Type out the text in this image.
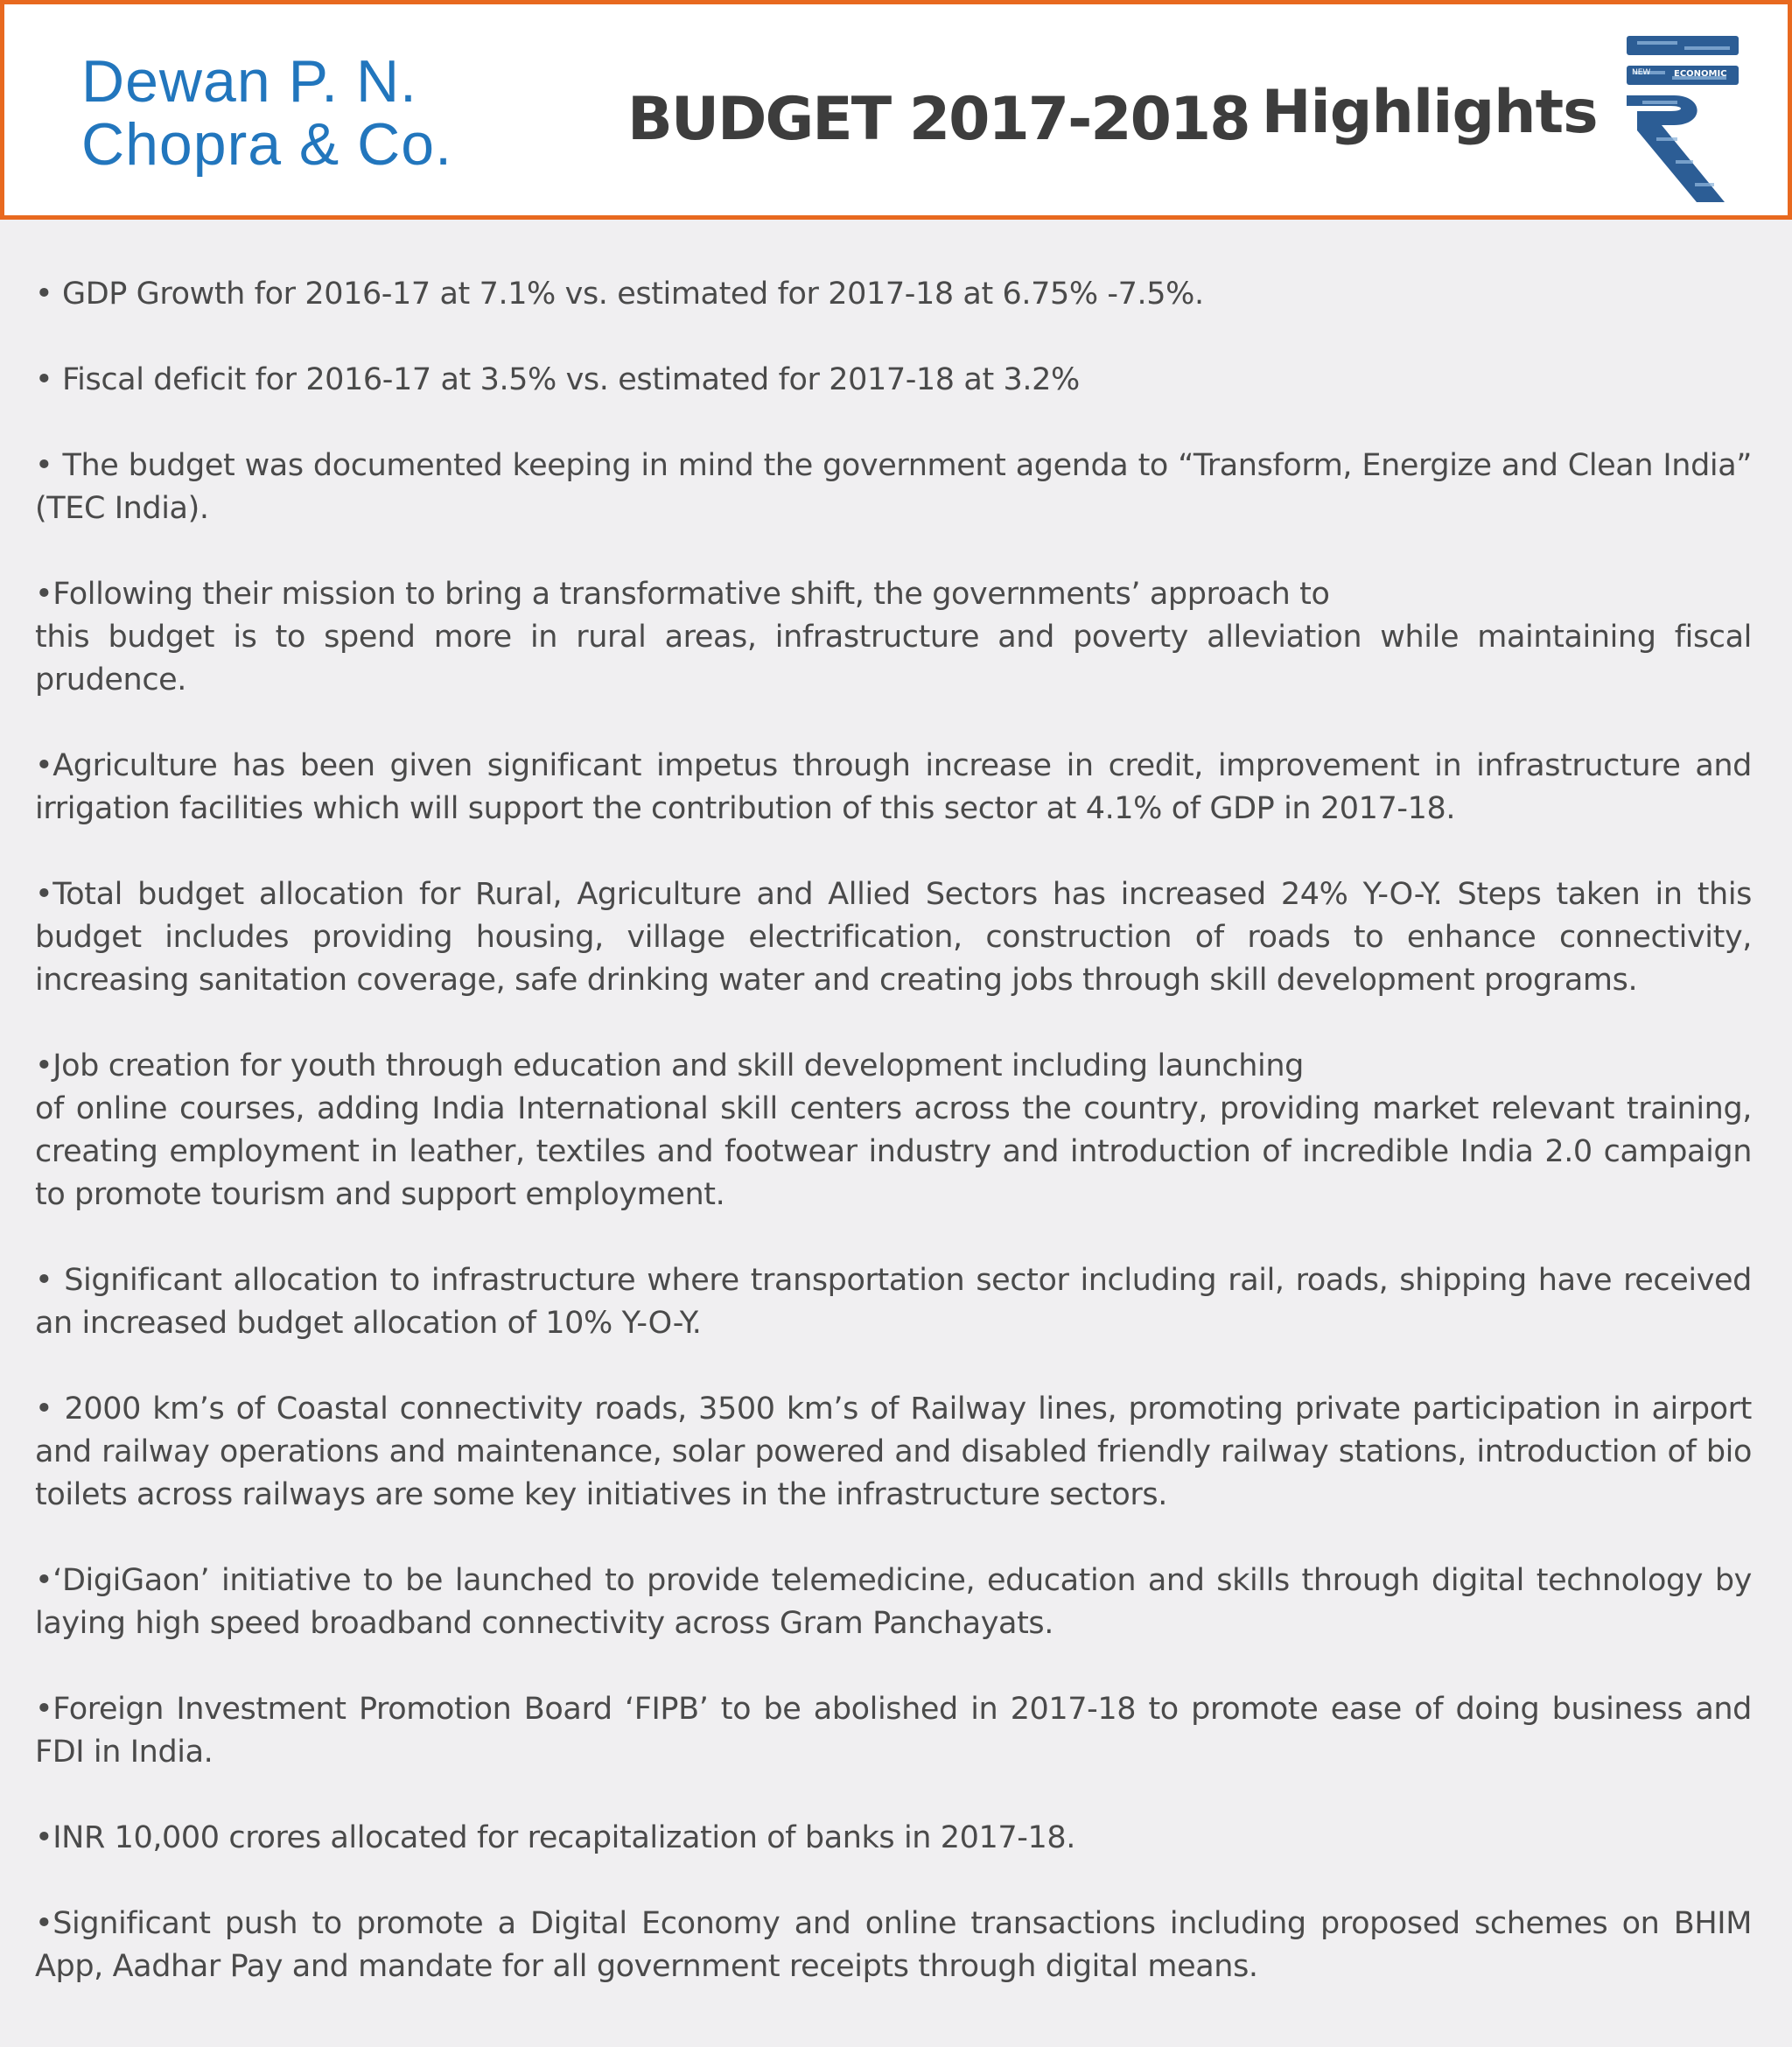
Dewan P. N.
Chopra & Co.	BUDGET 2017-2018 Highlights
NEW	ECONOMIC

• GDP Growth for 2016-17 at 7.1% vs. estimated for 2017-18 at 6.75% -7.5%.

• Fiscal deficit for 2016-17 at 3.5% vs. estimated for 2017-18 at 3.2%

• The budget was documented keeping in mind the government agenda to “Transform, Energize and Clean India” (TEC India).

•Following their mission to bring a transformative shift, the governments’ approach to
this budget is to spend more in rural areas, infrastructure and poverty alleviation while maintaining fiscal prudence.

•Agriculture has been given significant impetus through increase in credit, improvement in infrastructure and irrigation facilities which will support the contribution of this sector at 4.1% of GDP in 2017-18.

•Total budget allocation for Rural, Agriculture and Allied Sectors has increased 24% Y-O-Y. Steps taken in this budget includes providing housing, village electrification, construction of roads to enhance connectivity, increasing sanitation coverage, safe drinking water and creating jobs through skill development programs.

•Job creation for youth through education and skill development including launching
of online courses, adding India International skill centers across the country, providing market relevant training, creating employment in leather, textiles and footwear industry and introduction of incredible India 2.0 campaign to promote tourism and support employment.

• Significant allocation to infrastructure where transportation sector including rail, roads, shipping have received an increased budget allocation of 10% Y-O-Y.

• 2000 km’s of Coastal connectivity roads, 3500 km’s of Railway lines, promoting private participation in airport and railway operations and maintenance, solar powered and disabled friendly railway stations, introduction of bio toilets across railways are some key initiatives in the infrastructure sectors.

•‘DigiGaon’ initiative to be launched to provide telemedicine, education and skills through digital technology by laying high speed broadband connectivity across Gram Panchayats.

•Foreign Investment Promotion Board ‘FIPB’ to be abolished in 2017-18 to promote ease of doing business and FDI in India.

•INR 10,000 crores allocated for recapitalization of banks in 2017-18.

•Significant push to promote a Digital Economy and online transactions including proposed schemes on BHIM App, Aadhar Pay and mandate for all government receipts through digital means.
